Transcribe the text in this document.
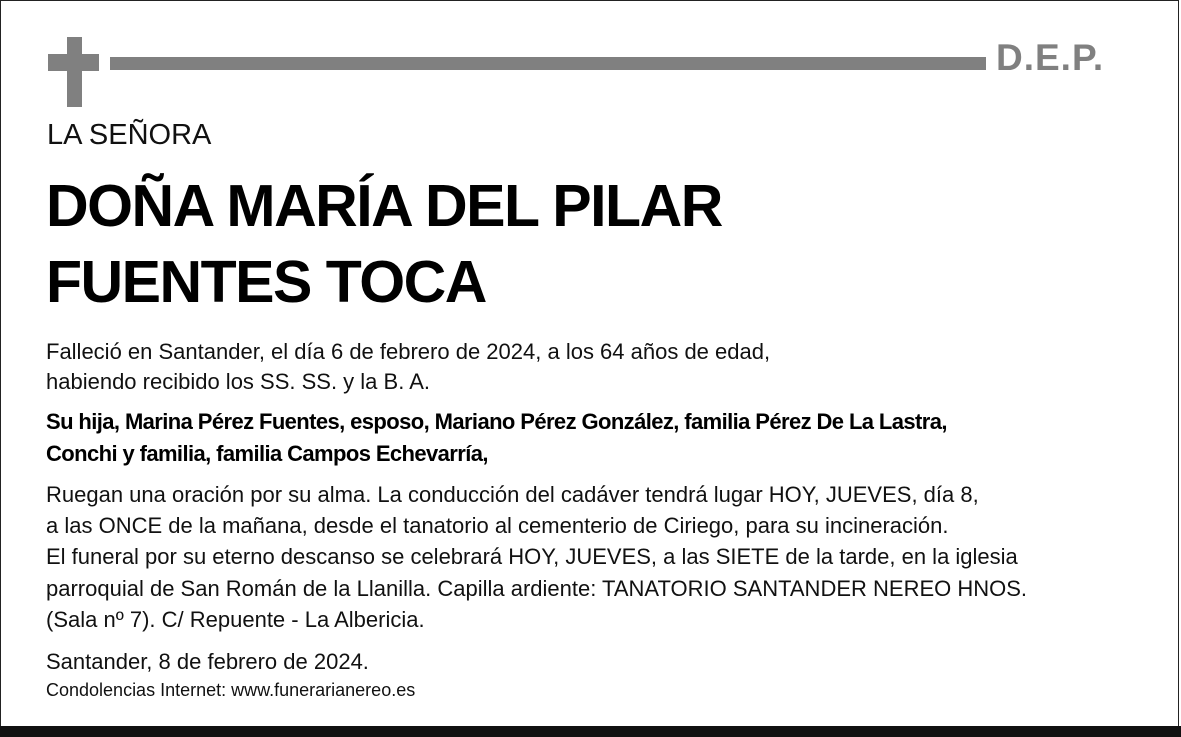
D.E.P.
LA SEÑORA
DOÑA MARÍA DEL PILAR
FUENTES TOCA
Falleció en Santander, el día 6 de febrero de 2024, a los 64 años de edad,
habiendo recibido los SS. SS. y la B. A.
Su hija, Marina Pérez Fuentes, esposo, Mariano Pérez González, familia Pérez De La Lastra,
Conchi y familia, familia Campos Echevarría,
Ruegan una oración por su alma. La conducción del cadáver tendrá lugar HOY, JUEVES, día 8,
a las ONCE de la mañana, desde el tanatorio al cementerio de Ciriego, para su incineración.
El funeral por su eterno descanso se celebrará HOY, JUEVES, a las SIETE de la tarde, en la iglesia
parroquial de San Román de la Llanilla. Capilla ardiente: TANATORIO SANTANDER NEREO HNOS.
(Sala nº 7). C/ Repuente - La Albericia.
Santander, 8 de febrero de 2024.
Condolencias Internet: www.funerarianereo.es
